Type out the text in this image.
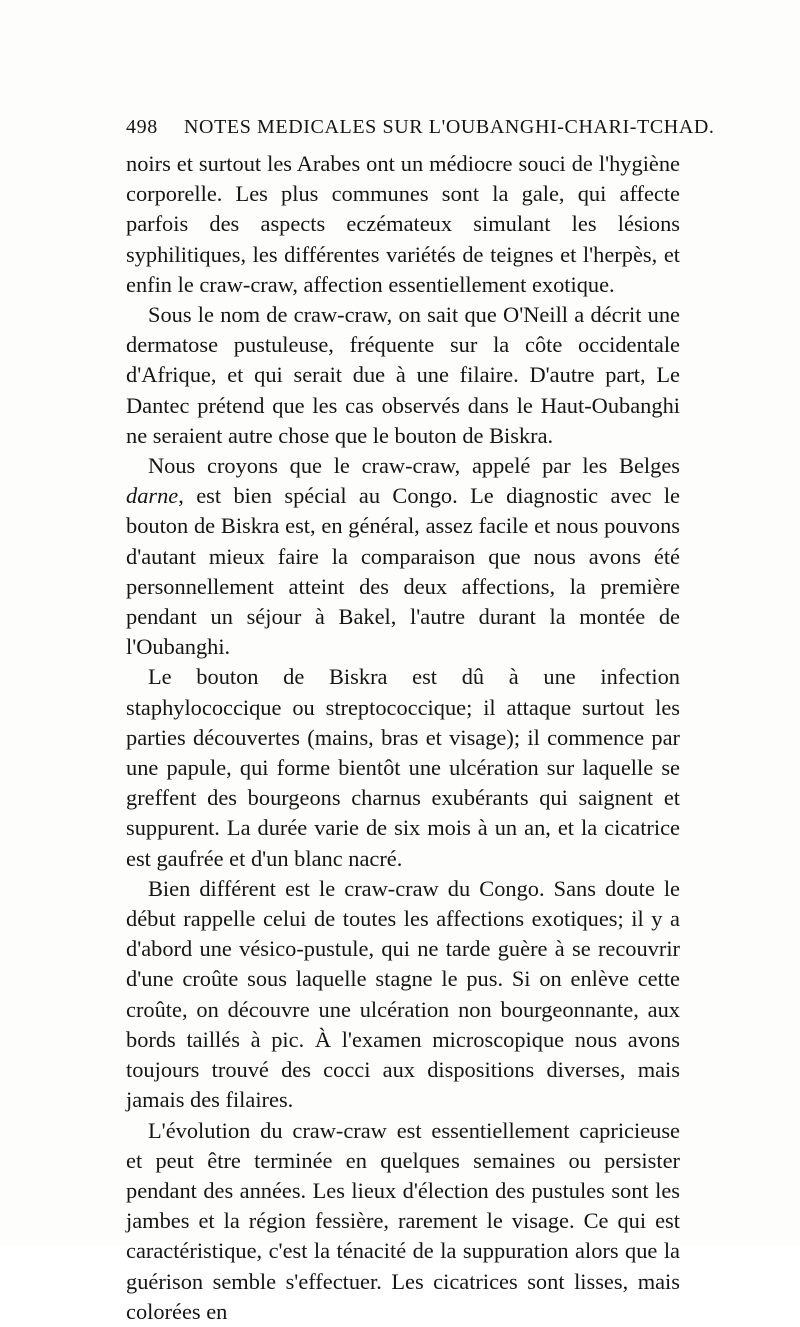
498 NOTES MEDICALES SUR L'OUBANGHI-CHARI-TCHAD.

noirs et surtout les Arabes ont un médiocre souci de l'hygiène corporelle. Les plus communes sont la gale, qui affecte parfois des aspects eczémateux simulant les lésions syphilitiques, les différentes variétés de teignes et l'herpès, et enfin le craw-craw, affection essentiellement exotique.

Sous le nom de craw-craw, on sait que O'Neill a décrit une dermatose pustuleuse, fréquente sur la côte occidentale d'Afrique, et qui serait due à une filaire. D'autre part, Le Dantec prétend que les cas observés dans le Haut-Oubanghi ne seraient autre chose que le bouton de Biskra.

Nous croyons que le craw-craw, appelé par les Belges darne, est bien spécial au Congo. Le diagnostic avec le bouton de Biskra est, en général, assez facile et nous pouvons d'autant mieux faire la comparaison que nous avons été personnellement atteint des deux affections, la première pendant un séjour à Bakel, l'autre durant la montée de l'Oubanghi.

Le bouton de Biskra est dû à une infection staphylococcique ou streptococcique; il attaque surtout les parties découvertes (mains, bras et visage); il commence par une papule, qui forme bientôt une ulcération sur laquelle se greffent des bourgeons charnus exubérants qui saignent et suppurent. La durée varie de six mois à un an, et la cicatrice est gaufrée et d'un blanc nacré.

Bien différent est le craw-craw du Congo. Sans doute le début rappelle celui de toutes les affections exotiques; il y a d'abord une vésico-pustule, qui ne tarde guère à se recouvrir d'une croûte sous laquelle stagne le pus. Si on enlève cette croûte, on découvre une ulcération non bourgeonnante, aux bords taillés à pic. À l'examen microscopique nous avons toujours trouvé des cocci aux dispositions diverses, mais jamais des filaires.

L'évolution du craw-craw est essentiellement capricieuse et peut être terminée en quelques semaines ou persister pendant des années. Les lieux d'élection des pustules sont les jambes et la région fessière, rarement le visage. Ce qui est caractéristique, c'est la ténacité de la suppuration alors que la guérison semble s'effectuer. Les cicatrices sont lisses, mais colorées en
